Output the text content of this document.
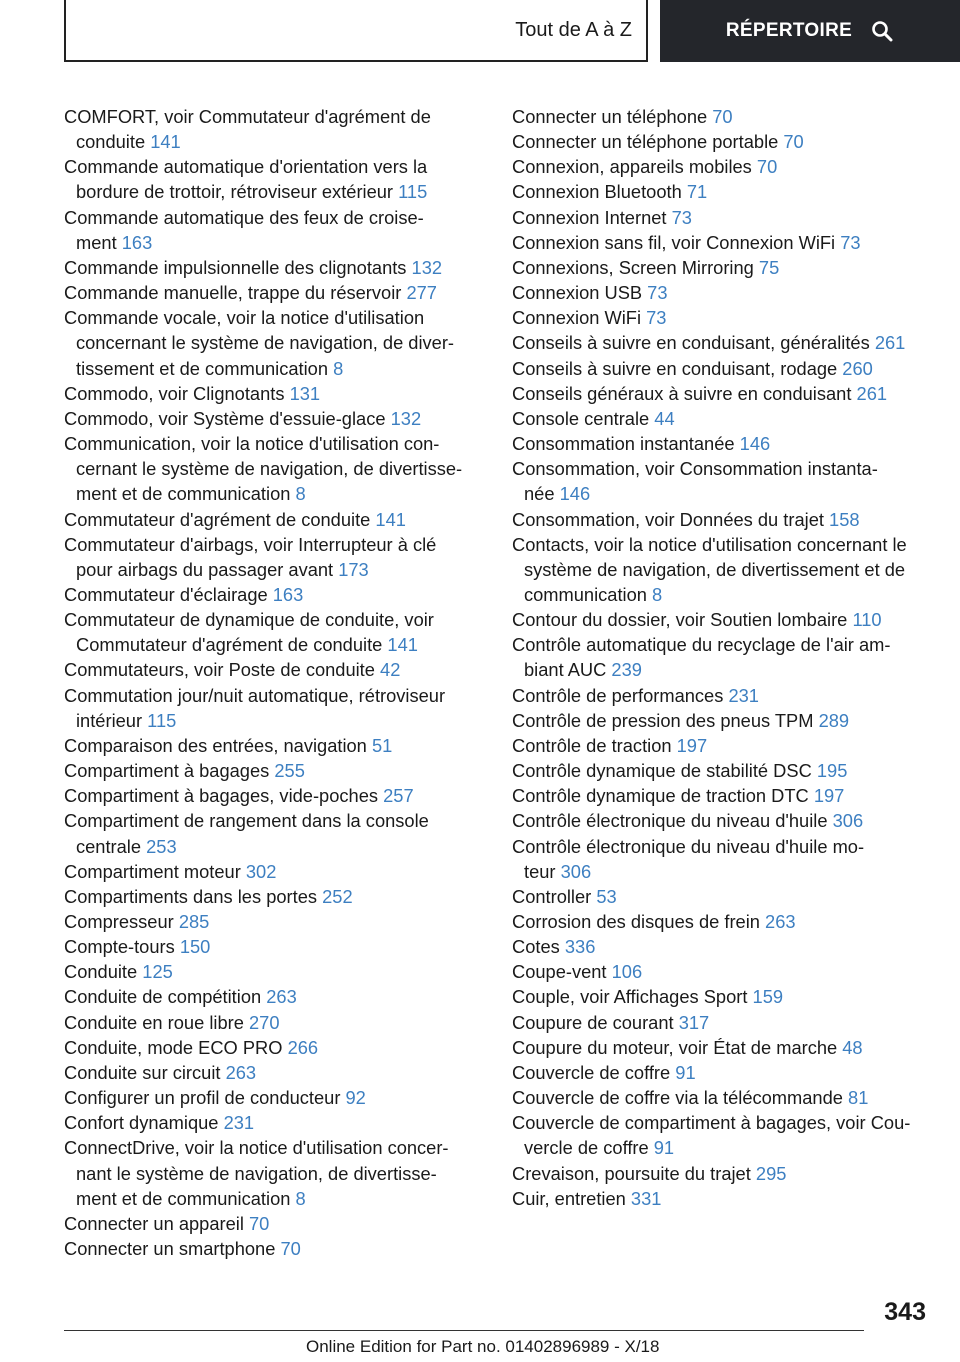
Tout de A à Z	RÉPERTOIRE
COMFORT, voir Commutateur d'agrément de
conduite 141
Commande automatique d'orientation vers la
bordure de trottoir, rétroviseur extérieur 115
Commande automatique des feux de croise-
ment 163
Commande impulsionnelle des clignotants 132
Commande manuelle, trappe du réservoir 277
Commande vocale, voir la notice d'utilisation
concernant le système de navigation, de diver-
tissement et de communication 8
Commodo, voir Clignotants 131
Commodo, voir Système d'essuie-glace 132
Communication, voir la notice d'utilisation con-
cernant le système de navigation, de divertisse-
ment et de communication 8
Commutateur d'agrément de conduite 141
Commutateur d'airbags, voir Interrupteur à clé
pour airbags du passager avant 173
Commutateur d'éclairage 163
Commutateur de dynamique de conduite, voir
Commutateur d'agrément de conduite 141
Commutateurs, voir Poste de conduite 42
Commutation jour/nuit automatique, rétroviseur
intérieur 115
Comparaison des entrées, navigation 51
Compartiment à bagages 255
Compartiment à bagages, vide-poches 257
Compartiment de rangement dans la console
centrale 253
Compartiment moteur 302
Compartiments dans les portes 252
Compresseur 285
Compte-tours 150
Conduite 125
Conduite de compétition 263
Conduite en roue libre 270
Conduite, mode ECO PRO 266
Conduite sur circuit 263
Configurer un profil de conducteur 92
Confort dynamique 231
ConnectDrive, voir la notice d'utilisation concer-
nant le système de navigation, de divertisse-
ment et de communication 8
Connecter un appareil 70
Connecter un smartphone 70
Connecter un téléphone 70
Connecter un téléphone portable 70
Connexion, appareils mobiles 70
Connexion Bluetooth 71
Connexion Internet 73
Connexion sans fil, voir Connexion WiFi 73
Connexions, Screen Mirroring 75
Connexion USB 73
Connexion WiFi 73
Conseils à suivre en conduisant, généralités 261
Conseils à suivre en conduisant, rodage 260
Conseils généraux à suivre en conduisant 261
Console centrale 44
Consommation instantanée 146
Consommation, voir Consommation instanta-
née 146
Consommation, voir Données du trajet 158
Contacts, voir la notice d'utilisation concernant le
système de navigation, de divertissement et de
communication 8
Contour du dossier, voir Soutien lombaire 110
Contrôle automatique du recyclage de l'air am-
biant AUC 239
Contrôle de performances 231
Contrôle de pression des pneus TPM 289
Contrôle de traction 197
Contrôle dynamique de stabilité DSC 195
Contrôle dynamique de traction DTC 197
Contrôle électronique du niveau d'huile 306
Contrôle électronique du niveau d'huile mo-
teur 306
Controller 53
Corrosion des disques de frein 263
Cotes 336
Coupe-vent 106
Couple, voir Affichages Sport 159
Coupure de courant 317
Coupure du moteur, voir État de marche 48
Couvercle de coffre 91
Couvercle de coffre via la télécommande 81
Couvercle de compartiment à bagages, voir Cou-
vercle de coffre 91
Crevaison, poursuite du trajet 295
Cuir, entretien 331
343
Online Edition for Part no. 01402896989 - X/18
